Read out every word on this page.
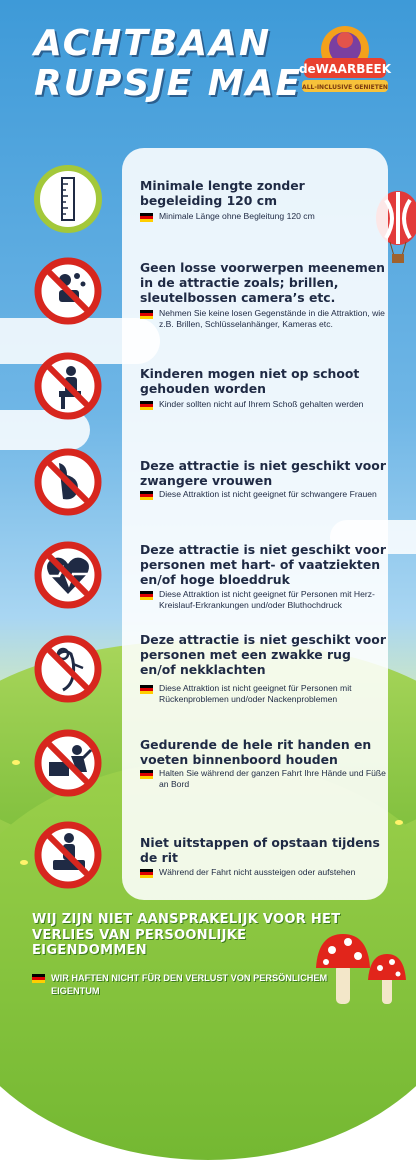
ACHTBAAN
RUPSJE MAE
deWAARBEEK
ALL-INCLUSIVE GENIETEN

Minimale lengte zonder begeleiding 120 cm

Minimale Länge ohne Begleitung 120 cm

Geen losse voorwerpen meenemen in de attractie zoals; brillen, sleutelbossen camera’s etc.

Nehmen Sie keine losen Gegenstände in die Attraktion, wie z.B. Brillen, Schlüsselanhänger, Kameras etc.

Kinderen mogen niet op schoot gehouden worden

Kinder sollten nicht auf Ihrem Schoß gehalten werden

Deze attractie is niet geschikt voor zwangere vrouwen

Diese Attraktion ist nicht geeignet für schwangere Frauen

Deze attractie is niet geschikt voor personen met hart- of vaatziekten en/of hoge bloeddruk

Diese Attraktion ist nicht geeignet für Personen mit Herz-Kreislauf-Erkrankungen und/oder Bluthochdruck

Deze attractie is niet geschikt voor personen met een zwakke rug en/of nekklachten

Diese Attraktion ist nicht geeignet für Personen mit Rückenproblemen und/oder Nackenproblemen

Gedurende de hele rit handen en voeten binnenboord houden

Halten Sie während der ganzen Fahrt Ihre Hände und Füße an Bord

Niet uitstappen of opstaan tijdens de rit

Während der Fahrt nicht aussteigen oder aufstehen

WIJ ZIJN NIET AANSPRAKELIJK VOOR HET VERLIES VAN PERSOONLIJKE EIGENDOMMEN

WIR HAFTEN NICHT FÜR DEN VERLUST VON PERSÖNLICHEM EIGENTUM
